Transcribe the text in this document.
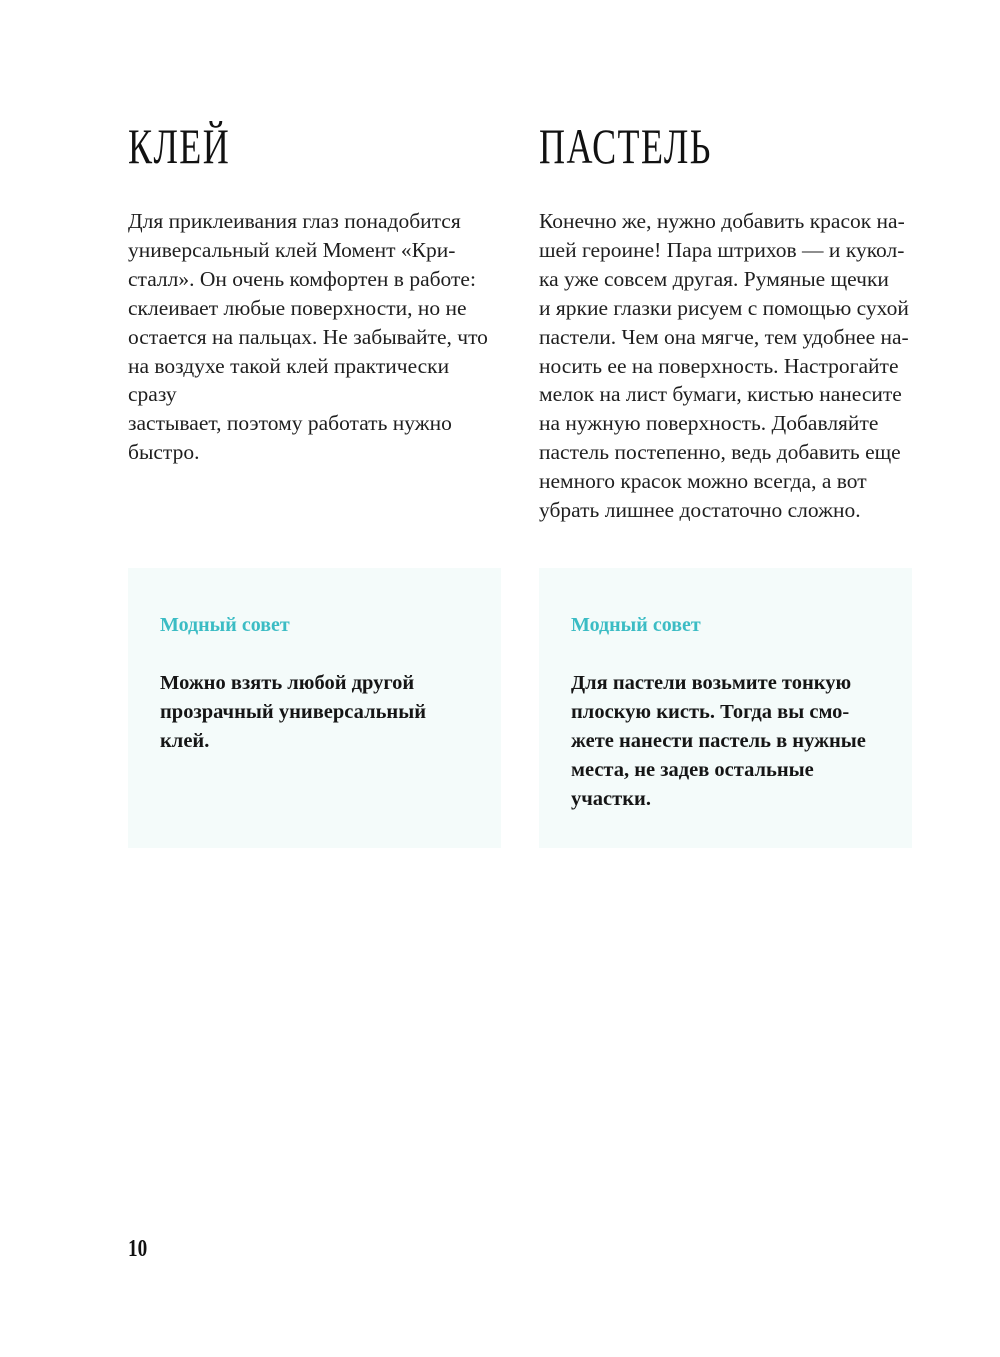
КЛЕЙ

Для приклеивания глаз понадобится
универсальный клей Момент «Кри-
сталл». Он очень комфортен в работе:
склеивает любые поверхности, но не
остается на пальцах. Не забывайте, что
на воздухе такой клей практически сразу
застывает, поэтому работать нужно
быстро.

ПАСТЕЛЬ

Конечно же, нужно добавить красок на-
шей героине! Пара штрихов — и кукол-
ка уже совсем другая. Румяные щечки
и яркие глазки рисуем с помощью сухой
пастели. Чем она мягче, тем удобнее на-
носить ее на поверхность. Настрогайте
мелок на лист бумаги, кистью нанесите
на нужную поверхность. Добавляйте
пастель постепенно, ведь добавить еще
немного красок можно всегда, а вот
убрать лишнее достаточно сложно.

Модный совет

Можно взять любой другой
прозрачный универсальный
клей.

Модный совет

Для пастели возьмите тонкую
плоскую кисть. Тогда вы смо-
жете нанести пастель в нужные
места, не задев остальные
участки.

10
